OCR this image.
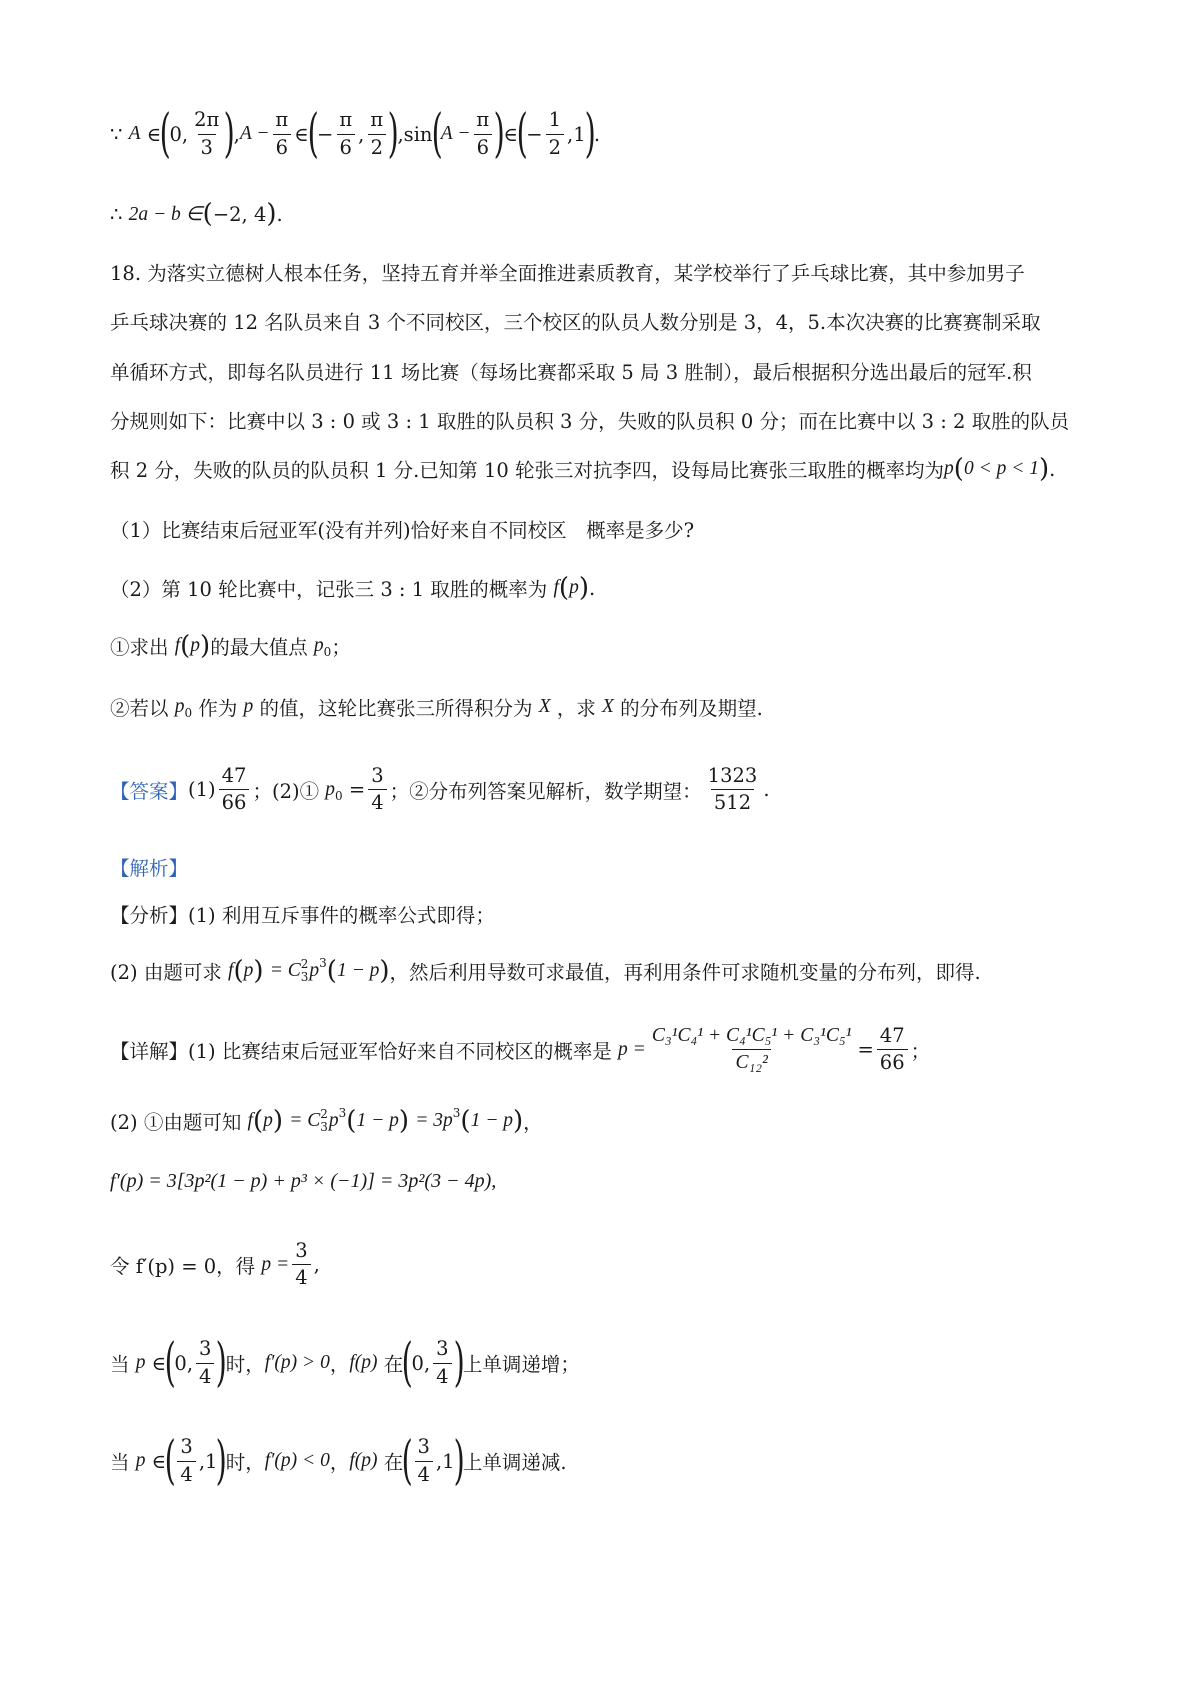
∵
A
∈
(
0, $\frac{2\pi}{3}$ )
, $A - \frac{\pi}{6}$ ∈
(
− $\frac{\pi}{6}$ , $\frac{\pi}{2}$ )
,sin
(
$A - \frac{\pi}{6}$ )
∈
(
− $\frac{1}{2} ,1$
)
.
∴
2a − b ∈ ( −2, 4 ) .
18. 为落实立德树人根本任务，坚持五育并举全面推进素质教育，某学校举行了乒乓球比赛，其中参加男子
乒乓球决赛的 12 名队员来自 3 个不同校区，三个校区的队员人数分别是 3，4，5.本次决赛的比赛赛制采取
单循环方式，即每名队员进行 11 场比赛（每场比赛都采取 5 局 3 胜制），最后根据积分选出最后的冠军.积
分规则如下：比赛中以 3 : 0 或 3 : 1 取胜的队员积 3 分，失败的队员积 0 分；而在比赛中以 3 : 2 取胜的队员
积 2 分，失败的队员的队员积 1 分.已知第 10 轮张三对抗李四，设每局比赛张三取胜的概率均为 p ( 0 < p < 1 ) .
（1）比赛结束后冠亚军(没有并列)恰好来自不同校区　概率是多少?
（2）第 10 轮比赛中，记张三 3 : 1 取胜的概率为
f ( p ) .
①求出
f ( p ) 的最大值点
p 0 ；
②若以
p 0
作为
p
的值，这轮比赛张三所得积分为
X
，求
X
的分布列及期望.
【答案】 $(1) \frac{47}{66}$ ；(2)①
p 0
= $\frac{3}{4}$ ；②分布列答案见解析，数学期望： $\frac{1323}{512}$ .
【解析】
【分析】 (1) 利用互斥事件的概率公式即得；
(2) 由题可求
f ( p )
= C 2
3 p 3 ( 1 − p ) ，然后利用导数可求最值，再利用条件可求随机变量的分布列，即得.
【详解】 (1) 比赛结束后冠亚军恰好来自不同校区的概率是
$p = \frac{\text{C₃¹C₄¹ + C₄¹C₅¹ + C₃¹C₅¹}}{\text{C₁₂²}} = \frac{47}{66}$ ；
(2) ①由题可知
f ( p )
= C 2
3 p 3 ( 1 − p )
= 3 p 3 ( 1 − p ) ，
f′(p) = 3[3p²(1 − p) + p³ × (−1)] = 3p²(3 − 4p),
令 f′(p) = 0，得
$p = \frac{3}{4}$ ,
当
p
∈
(
0, $\frac{3}{4}$ )
时， f′(p) > 0 ， f(p)
在
(
0, $\frac{3}{4}$ )
上单调递增；
当
p
∈
( $\frac{3}{4} ,1$
)
时， f′(p) < 0 ， f(p)
在
( $\frac{3}{4} ,1$
)
上单调递减.
